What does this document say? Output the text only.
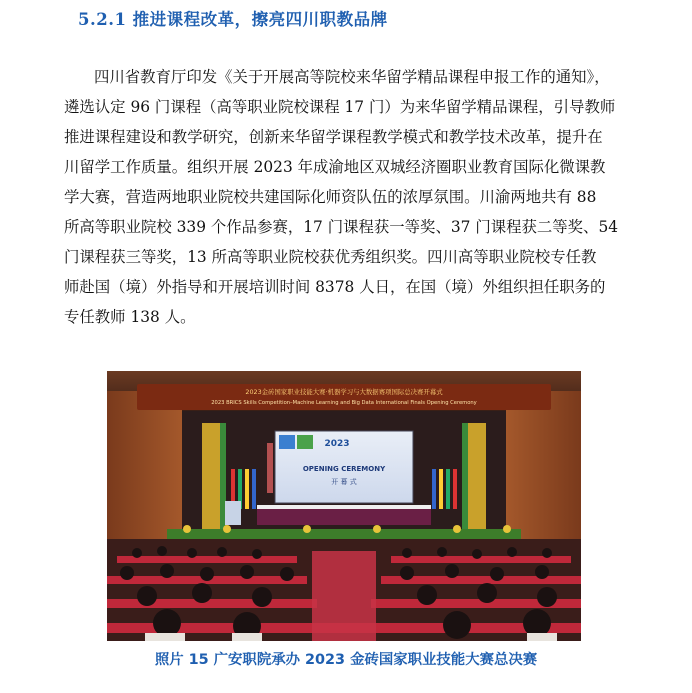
5.2.1 推进课程改革，擦亮四川职教品牌
四川省教育厅印发《关于开展高等院校来华留学精品课程申报工作的通知》，
遴选认定 96 门课程（高等职业院校课程 17 门）为来华留学精品课程，引导教师
推进课程建设和教学研究，创新来华留学课程教学模式和教学技术改革，提升在
川留学工作质量。组织开展 2023 年成渝地区双城经济圈职业教育国际化微课教
学大赛，营造两地职业院校共建国际化师资队伍的浓厚氛围。川渝两地共有 88
所高等职业院校 339 个作品参赛，17 门课程获一等奖、37 门课程获二等奖、54
门课程获三等奖，13 所高等职业院校获优秀组织奖。四川高等职业院校专任教
师赴国（境）外指导和开展培训时间 8378 人日，在国（境）外组织担任职务的
专任教师 138 人。
2023金砖国家职业技能大赛·机器学习与大数据赛项国际总决赛开幕式
2023 BRICS Skills Competition–Machine Learning and Big Data International Finals Opening Ceremony
2023
OPENING CEREMONY
开 幕 式
照片 15 广安职院承办 2023 金砖国家职业技能大赛总决赛
